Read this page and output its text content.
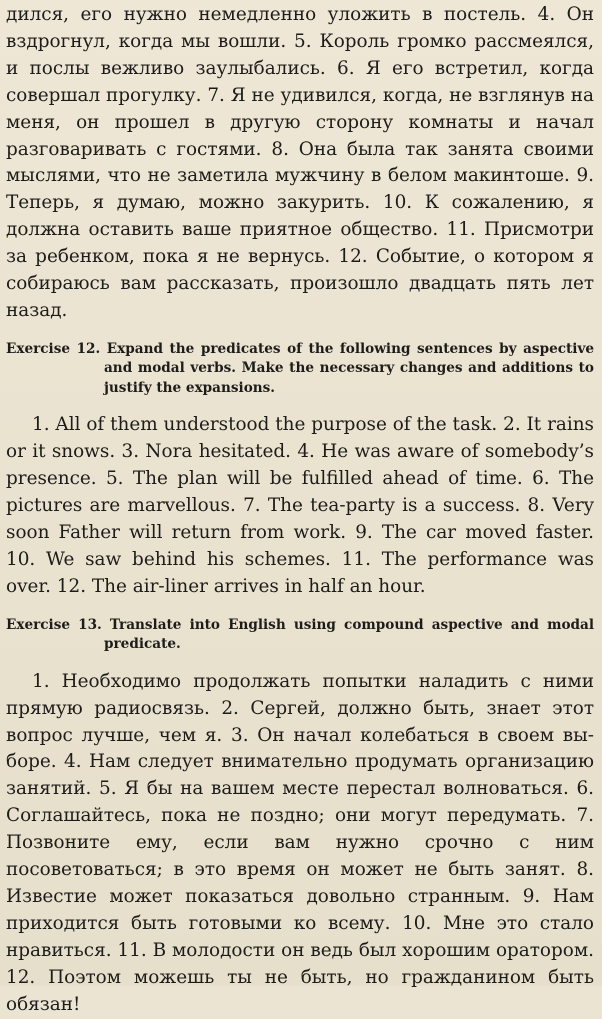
дился, его нужно немедленно уложить в постель. 4. Он вздрогнул, когда мы вошли. 5. Король громко рассмеялся, и послы вежливо заулыбались. 6. Я его встретил, когда совершал прогулку. 7. Я не удивился, когда, не взглянув на меня, он прошел в другую сторону комнаты и начал разговаривать с гостями. 8. Она была так занята своими мыслями, что не заметила мужчину в белом макинтоше. 9. Теперь, я думаю, можно закурить. 10. К сожалению, я должна оставить ваше приятное общество. 11. Присмотри за ребенком, пока я не вернусь. 12. Событие, о котором я собираюсь вам рассказать, произошло двадцать пять лет назад.

Exercise 12. Expand the predicates of the following sentences by aspective and modal verbs. Make the necessary changes and additions to justify the expansions.

1. All of them understood the purpose of the task. 2. It rains or it snows. 3. Nora hesitated. 4. He was aware of somebody’s presence. 5. The plan will be fulfilled ahead of time. 6. The pictures are marvellous. 7. The tea-party is a success. 8. Very soon Father will return from work. 9. The car moved faster. 10. We saw behind his schemes. 11. The performance was over. 12. The air-liner arrives in half an hour.

Exercise 13. Translate into English using compound aspective and modal predicate.

1. Необходимо продолжать попытки наладить с ними прямую радиосвязь. 2. Сергей, должно быть, знает этот вопрос лучше, чем я. 3. Он начал колебаться в своем выборе. 4. Нам следует внимательно продумать организацию занятий. 5. Я бы на вашем месте перестал волноваться. 6. Соглашайтесь, пока не поздно; они могут передумать. 7. Позвоните ему, если вам нужно срочно с ним посоветоваться; в это время он может не быть занят. 8. Известие может показаться довольно странным. 9. Нам приходится быть готовыми ко всему. 10. Мне это стало нравиться. 11. В молодости он ведь был хорошим оратором. 12. Поэтом можешь ты не быть, но гражданином быть обязан!
